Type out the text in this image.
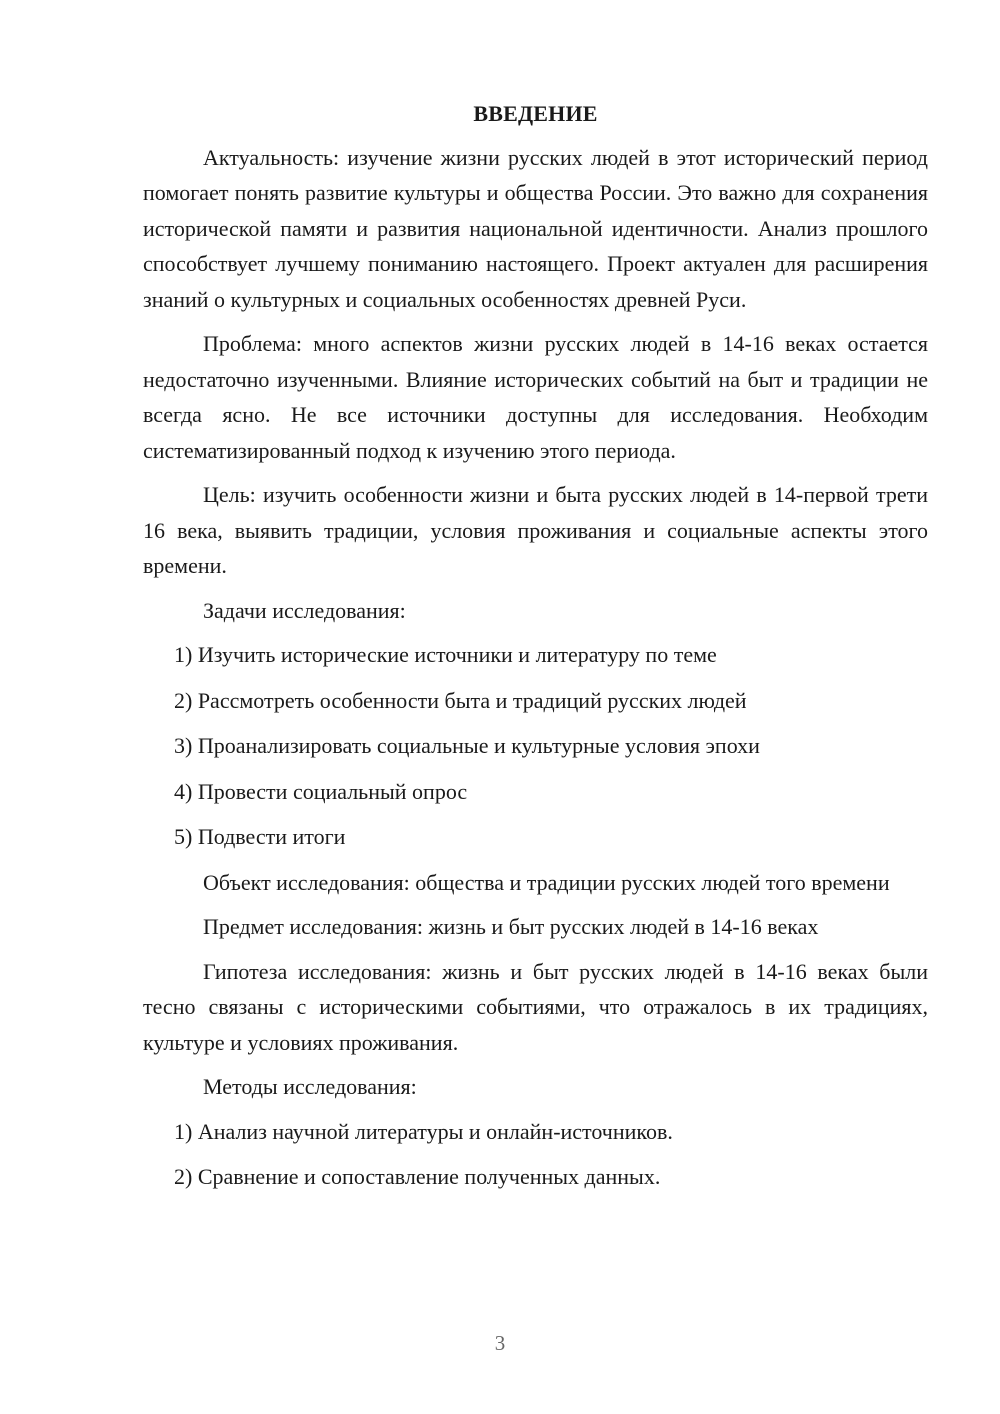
ВВЕДЕНИЕ

Актуальность: изучение жизни русских людей в этот исторический период помогает понять развитие культуры и общества России. Это важно для сохранения исторической памяти и развития национальной идентичности. Анализ прошлого способствует лучшему пониманию настоящего. Проект актуален для расширения знаний о культурных и социальных особенностях древней Руси.

Проблема: много аспектов жизни русских людей в 14-16 веках остается недостаточно изученными. Влияние исторических событий на быт и традиции не всегда ясно. Не все источники доступны для исследования. Необходим систематизированный подход к изучению этого периода.

Цель: изучить особенности жизни и быта русских людей в 14-первой трети 16 века, выявить традиции, условия проживания и социальные аспекты этого времени.

Задачи исследования:

1) Изучить исторические источники и литературу по теме

2) Рассмотреть особенности быта и традиций русских людей

3) Проанализировать социальные и культурные условия эпохи

4) Провести социальный опрос

5) Подвести итоги

Объект исследования: общества и традиции русских людей того времени

Предмет исследования: жизнь и быт русских людей в 14-16 веках

Гипотеза исследования: жизнь и быт русских людей в 14-16 веках были тесно связаны с историческими событиями, что отражалось в их традициях, культуре и условиях проживания.

Методы исследования:

1) Анализ научной литературы и онлайн-источников.

2) Сравнение и сопоставление полученных данных.

3
